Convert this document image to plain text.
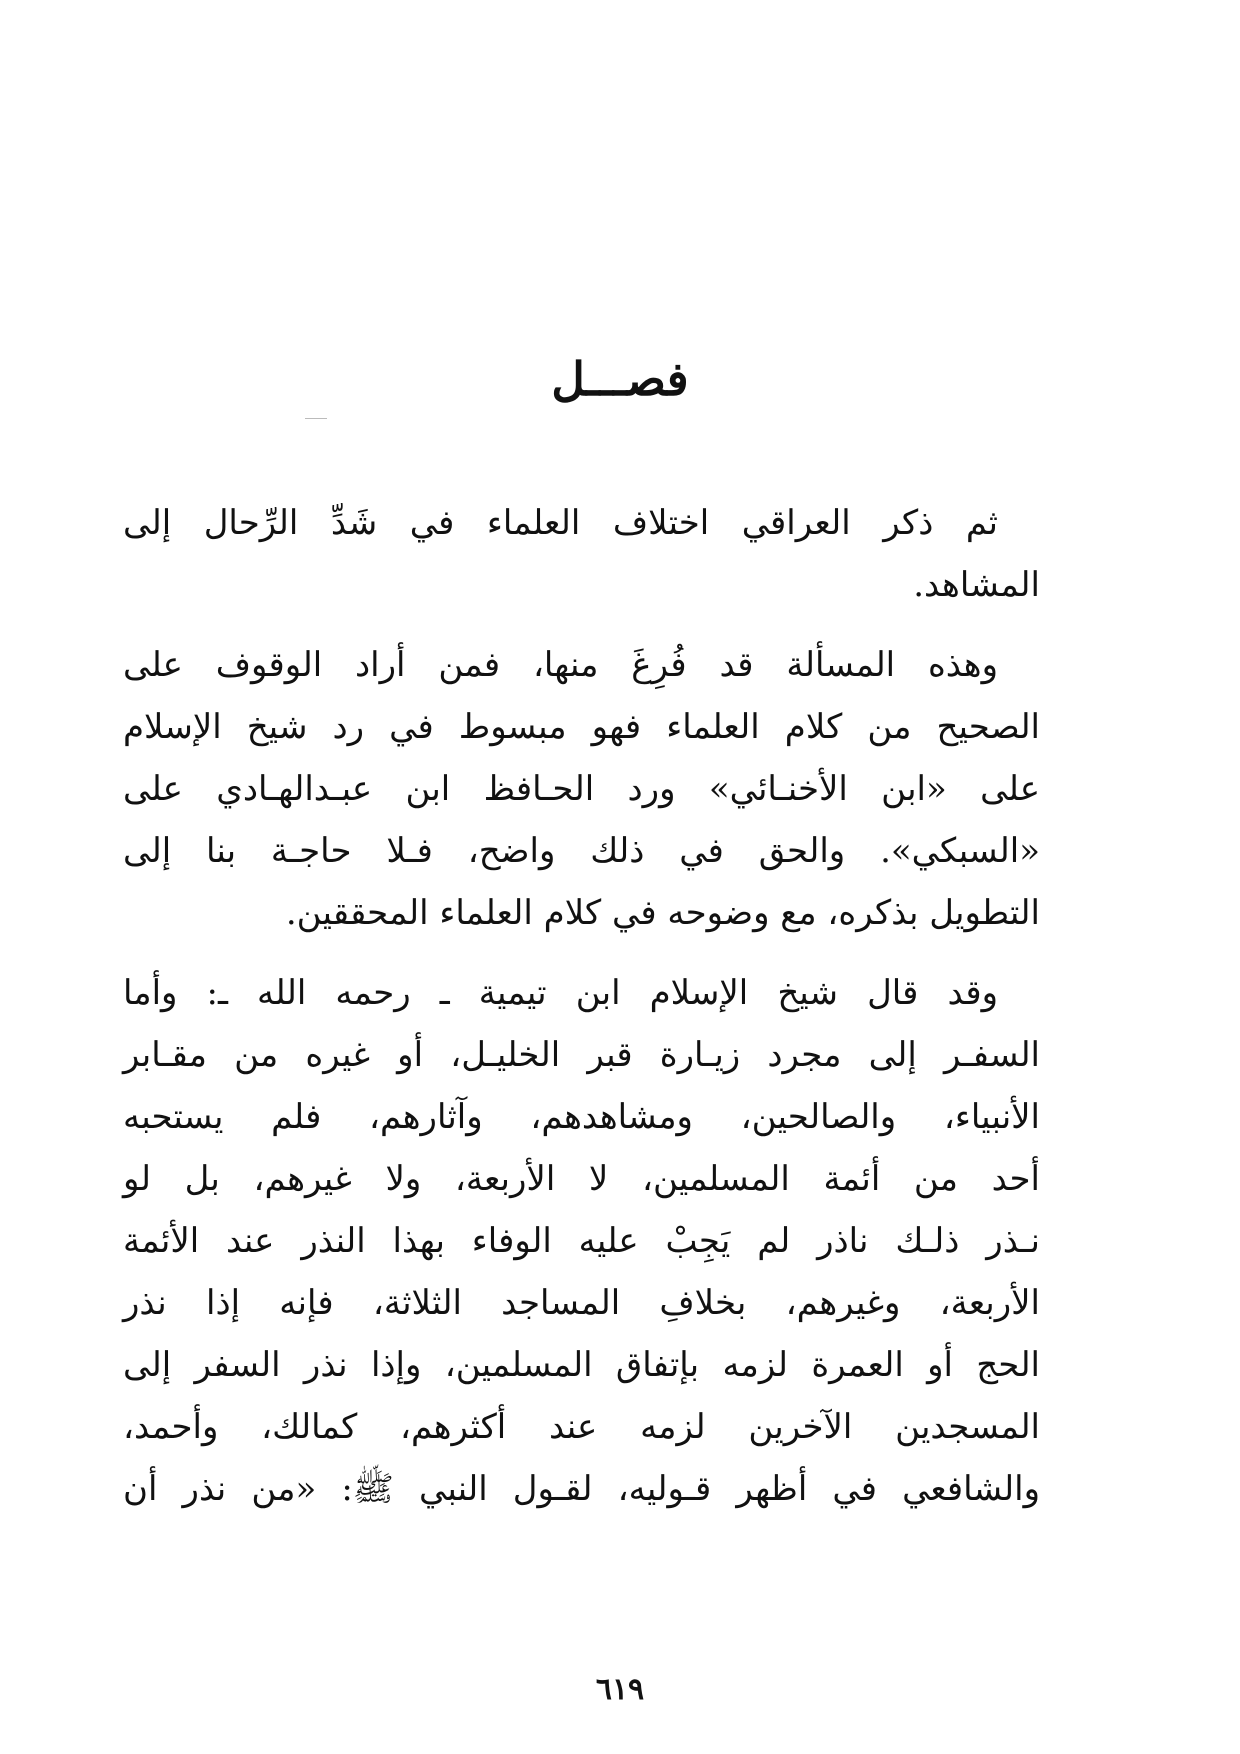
فصـــل

ثم ذكر العراقي اختلاف العلماء في شَدِّ الرِّحال إلى
المشاهد.

وهذه المسألة قد فُرِغَ منها، فمن أراد الوقوف على
الصحيح من كلام العلماء فهو مبسوط في رد شيخ الإسلام
على «ابن الأخنـائي» ورد الحـافظ ابن عبـدالهـادي على
«السبكي». والحق في ذلك واضح، فـلا حاجـة بنا إلى
التطويل بذكره، مع وضوحه في كلام العلماء المحققين.

وقد قال شيخ الإسلام ابن تيمية ـ رحمه الله ـ: وأما
السفـر إلى مجرد زيـارة قبر الخليـل، أو غيره من مقـابر
الأنبياء، والصالحين، ومشاهدهم، وآثارهم، فلم يستحبه
أحد من أئمة المسلمين، لا الأربعة، ولا غيرهم، بل لو
نـذر ذلـك ناذر لم يَجِبْ عليه الوفاء بهذا النذر عند الأئمة
الأربعة، وغيرهم، بخلافِ المساجد الثلاثة، فإنه إذا نذر
الحج أو العمرة لزمه بإتفاق المسلمين، وإذا نذر السفر إلى
المسجدين الآخرين لزمه عند أكثرهم، كمالك، وأحمد،
والشافعي في أظهر قـوليه، لقـول النبي ﷺ: «من نذر أن

٦١٩
